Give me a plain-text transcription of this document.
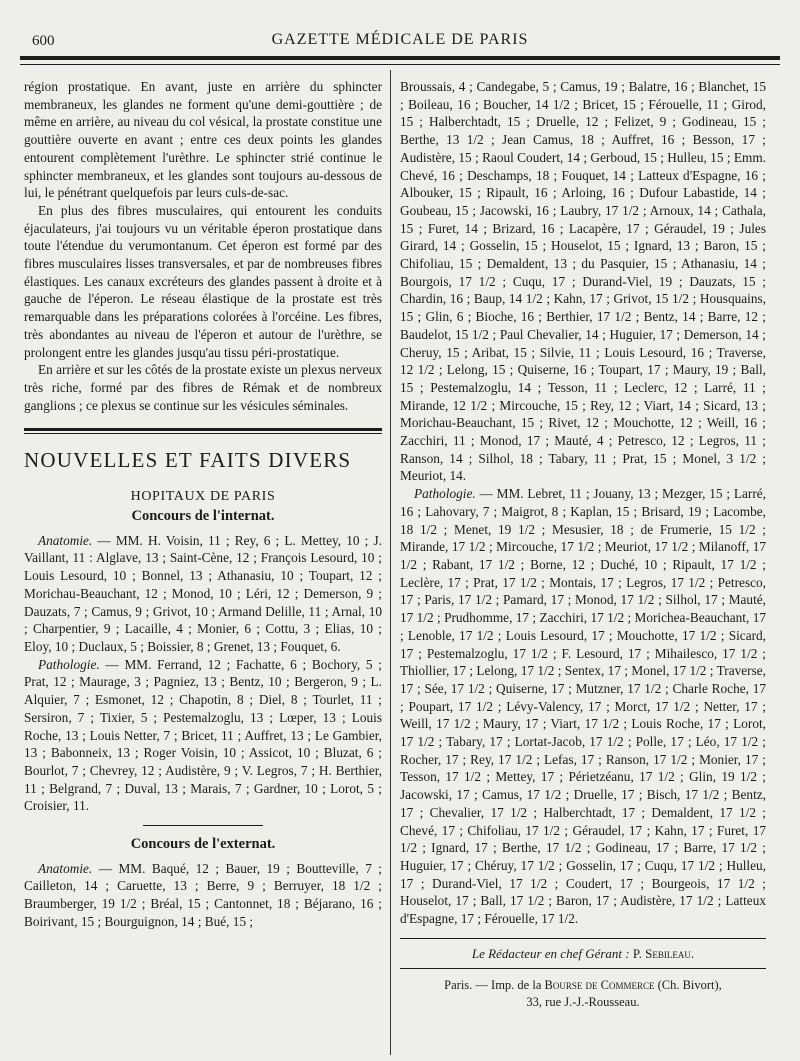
600	GAZETTE MÉDICALE DE PARIS

région prostatique. En avant, juste en arrière du sphincter membraneux, les glandes ne forment qu'une demi-gouttière ; de même en arrière, au niveau du col vésical, la prostate constitue une gouttière ouverte en avant ; entre ces deux points les glandes entourent complètement l'urèthre. Le sphincter strié continue le sphincter membraneux, et les glandes sont toujours au-dessous de lui, le pénétrant quelquefois par leurs culs-de-sac.

En plus des fibres musculaires, qui entourent les conduits éjaculateurs, j'ai toujours vu un véritable éperon prostatique dans toute l'étendue du verumontanum. Cet éperon est formé par des fibres musculaires lisses transversales, et par de nombreuses fibres élastiques. Les canaux excréteurs des glandes passent à droite et à gauche de l'éperon. Le réseau élastique de la prostate est très remarquable dans les préparations colorées à l'orcéine. Les fibres, très abondantes au niveau de l'éperon et autour de l'urèthre, se prolongent entre les glandes jusqu'au tissu péri-prostatique.

En arrière et sur les côtés de la prostate existe un plexus nerveux très riche, formé par des fibres de Rémak et de nombreux ganglions ; ce plexus se continue sur les vésicules séminales.

NOUVELLES ET FAITS DIVERS
HOPITAUX DE PARIS
Concours de l'internat.

Anatomie. — MM. H. Voisin, 11 ; Rey, 6 ; L. Mettey, 10 ; J. Vaillant, 11 : Alglave, 13 ; Saint-Cène, 12 ; François Lesourd, 10 ; Louis Lesourd, 10 ; Bonnel, 13 ; Athanasiu, 10 ; Toupart, 12 ; Morichau-Beauchant, 12 ; Monod, 10 ; Léri, 12 ; Demerson, 9 ; Dauzats, 7 ; Camus, 9 ; Grivot, 10 ; Armand Delille, 11 ; Arnal, 10 ; Charpentier, 9 ; Lacaille, 4 ; Monier, 6 ; Cottu, 3 ; Elias, 10 ; Eloy, 10 ; Duclaux, 5 ; Boissier, 8 ; Grenet, 13 ; Fouquet, 6.

Pathologie. — MM. Ferrand, 12 ; Fachatte, 6 ; Bochory, 5 ; Prat, 12 ; Maurage, 3 ; Pagniez, 13 ; Bentz, 10 ; Bergeron, 9 ; L. Alquier, 7 ; Esmonet, 12 ; Chapotin, 8 ; Diel, 8 ; Tourlet, 11 ; Sersiron, 7 ; Tixier, 5 ; Pestemalzoglu, 13 ; Lœper, 13 ; Louis Roche, 13 ; Louis Netter, 7 ; Bricet, 11 ; Auffret, 13 ; Le Gambier, 13 ; Babonneix, 13 ; Roger Voisin, 10 ; Assicot, 10 ; Bluzat, 6 ; Bourlot, 7 ; Chevrey, 12 ; Audistère, 9 ; V. Legros, 7 ; H. Berthier, 11 ; Belgrand, 7 ; Duval, 13 ; Marais, 7 ; Gardner, 10 ; Lorot, 5 ; Croisier, 11.

Concours de l'externat.

Anatomie. — MM. Baqué, 12 ; Bauer, 19 ; Boutteville, 7 ; Cailleton, 14 ; Caruette, 13 ; Berre, 9 ; Berruyer, 18 1/2 ; Braumberger, 19 1/2 ; Bréal, 15 ; Cantonnet, 18 ; Béjarano, 16 ; Boirivant, 15 ; Bourguignon, 14 ; Bué, 15 ;

Broussais, 4 ; Candegabe, 5 ; Camus, 19 ; Balatre, 16 ; Blanchet, 15 ; Boileau, 16 ; Boucher, 14 1/2 ; Bricet, 15 ; Férouelle, 11 ; Girod, 15 ; Halberchtadt, 15 ; Druelle, 12 ; Felizet, 9 ; Godineau, 15 ; Berthe, 13 1/2 ; Jean Camus, 18 ; Auffret, 16 ; Besson, 17 ; Audistère, 15 ; Raoul Coudert, 14 ; Gerboud, 15 ; Hulleu, 15 ; Emm. Chevé, 16 ; Deschamps, 18 ; Fouquet, 14 ; Latteux d'Espagne, 16 ; Albouker, 15 ; Ripault, 16 ; Arloing, 16 ; Dufour Labastide, 14 ; Goubeau, 15 ; Jacowski, 16 ; Laubry, 17 1/2 ; Arnoux, 14 ; Cathala, 15 ; Furet, 14 ; Brizard, 16 ; Lacapère, 17 ; Géraudel, 19 ; Jules Girard, 14 ; Gosselin, 15 ; Houselot, 15 ; Ignard, 13 ; Baron, 15 ; Chifoliau, 15 ; Demaldent, 13 ; du Pasquier, 15 ; Athanasiu, 14 ; Bourgois, 17 1/2 ; Cuqu, 17 ; Durand-Viel, 19 ; Dauzats, 15 ; Chardin, 16 ; Baup, 14 1/2 ; Kahn, 17 ; Grivot, 15 1/2 ; Housquains, 15 ; Glin, 6 ; Bioche, 16 ; Berthier, 17 1/2 ; Bentz, 14 ; Barre, 12 ; Baudelot, 15 1/2 ; Paul Chevalier, 14 ; Huguier, 17 ; Demerson, 14 ; Cheruy, 15 ; Aribat, 15 ; Silvie, 11 ; Louis Lesourd, 16 ; Traverse, 12 1/2 ; Lelong, 15 ; Quiserne, 16 ; Toupart, 17 ; Maury, 19 ; Ball, 15 ; Pestemalzoglu, 14 ; Tesson, 11 ; Leclerc, 12 ; Larré, 11 ; Mirande, 12 1/2 ; Mircouche, 15 ; Rey, 12 ; Viart, 14 ; Sicard, 13 ; Morichau-Beauchant, 15 ; Rivet, 12 ; Mouchotte, 12 ; Weill, 16 ; Zacchiri, 11 ; Monod, 17 ; Mauté, 4 ; Petresco, 12 ; Legros, 11 ; Ranson, 14 ; Silhol, 18 ; Tabary, 11 ; Prat, 15 ; Monel, 3 1/2 ; Meuriot, 14.

Pathologie. — MM. Lebret, 11 ; Jouany, 13 ; Mezger, 15 ; Larré, 16 ; Lahovary, 7 ; Maigrot, 8 ; Kaplan, 15 ; Brisard, 19 ; Lacombe, 18 1/2 ; Menet, 19 1/2 ; Mesusier, 18 ; de Frumerie, 15 1/2 ; Mirande, 17 1/2 ; Mircouche, 17 1/2 ; Meuriot, 17 1/2 ; Milanoff, 17 1/2 ; Rabant, 17 1/2 ; Borne, 12 ; Duché, 10 ; Ripault, 17 1/2 ; Leclère, 17 ; Prat, 17 1/2 ; Montais, 17 ; Legros, 17 1/2 ; Petresco, 17 ; Paris, 17 1/2 ; Pamard, 17 ; Monod, 17 1/2 ; Silhol, 17 ; Mauté, 17 1/2 ; Prudhomme, 17 ; Zacchiri, 17 1/2 ; Morichea-Beauchant, 17 ; Lenoble, 17 1/2 ; Louis Lesourd, 17 ; Mouchotte, 17 1/2 ; Sicard, 17 ; Pestemalzoglu, 17 1/2 ; F. Lesourd, 17 ; Mihailesco, 17 1/2 ; Thiollier, 17 ; Lelong, 17 1/2 ; Sentex, 17 ; Monel, 17 1/2 ; Traverse, 17 ; Sée, 17 1/2 ; Quiserne, 17 ; Mutzner, 17 1/2 ; Charle Roche, 17 ; Poupart, 17 1/2 ; Lévy-Valency, 17 ; Morct, 17 1/2 ; Netter, 17 ; Weill, 17 1/2 ; Maury, 17 ; Viart, 17 1/2 ; Louis Roche, 17 ; Lorot, 17 1/2 ; Tabary, 17 ; Lortat-Jacob, 17 1/2 ; Polle, 17 ; Léo, 17 1/2 ; Rocher, 17 ; Rey, 17 1/2 ; Lefas, 17 ; Ranson, 17 1/2 ; Monier, 17 ; Tesson, 17 1/2 ; Mettey, 17 ; Périetzéanu, 17 1/2 ; Glin, 19 1/2 ; Jacowski, 17 ; Camus, 17 1/2 ; Druelle, 17 ; Bisch, 17 1/2 ; Bentz, 17 ; Chevalier, 17 1/2 ; Halberchtadt, 17 ; Demaldent, 17 1/2 ; Chevé, 17 ; Chifoliau, 17 1/2 ; Géraudel, 17 ; Kahn, 17 ; Furet, 17 1/2 ; Ignard, 17 ; Berthe, 17 1/2 ; Godineau, 17 ; Barre, 17 1/2 ; Huguier, 17 ; Chéruy, 17 1/2 ; Gosselin, 17 ; Cuqu, 17 1/2 ; Hulleu, 17 ; Durand-Viel, 17 1/2 ; Coudert, 17 ; Bourgeois, 17 1/2 ; Houselot, 17 ; Ball, 17 1/2 ; Baron, 17 ; Audistère, 17 1/2 ; Latteux d'Espagne, 17 ; Férouelle, 17 1/2.

Le Rédacteur en chef Gérant : P. Sebileau.
Paris. — Imp. de la Bourse de Commerce (Ch. Bivort),
33, rue J.-J.-Rousseau.
